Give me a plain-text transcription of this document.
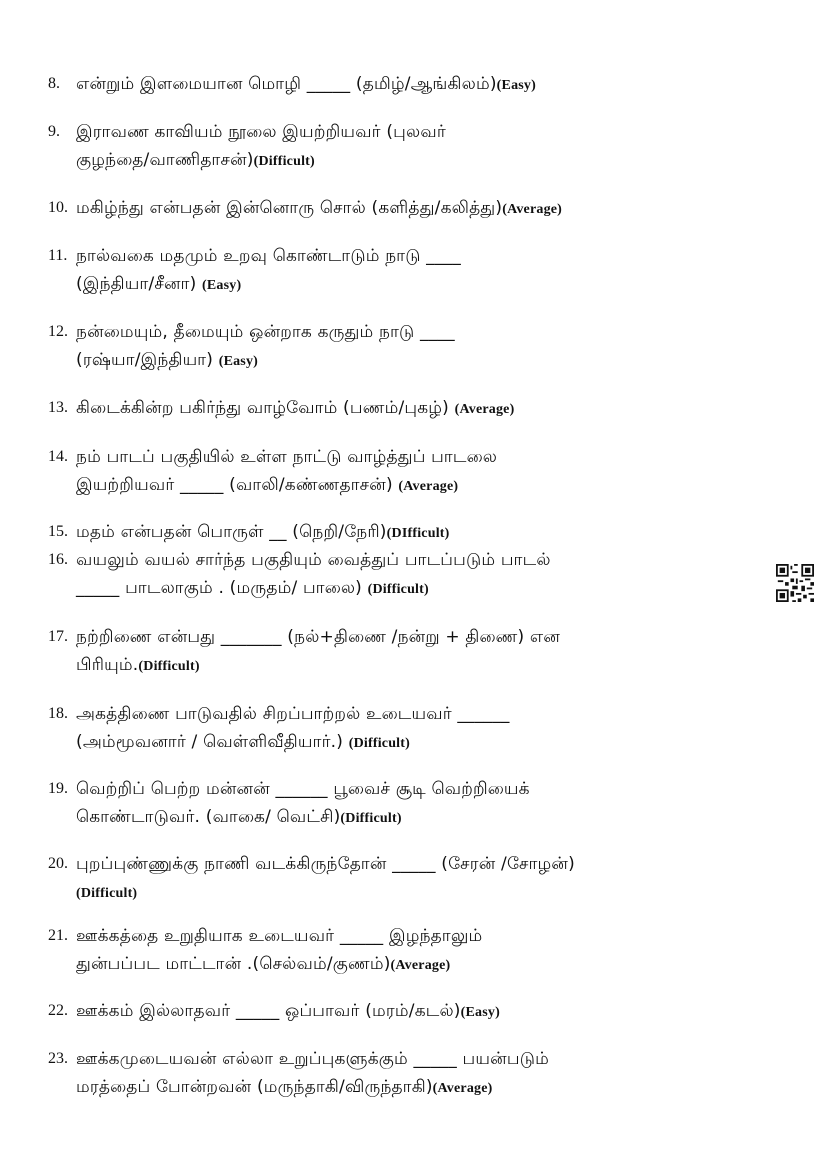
8. என்றும் இளமையான மொழி _____ (தமிழ்/ஆங்கிலம்)(Easy)
9. இராவண காவியம் நூலை இயற்றியவர் (புலவர்
குழந்தை/வாணிதாசன்)(Difficult)
10. மகிழ்ந்து என்பதன் இன்னொரு சொல் (களித்து/கலித்து)(Average)
11. நால்வகை மதமும் உறவு கொண்டாடும் நாடு ____
(இந்தியா/சீனா) (Easy)
12. நன்மையும், தீமையும் ஒன்றாக கருதும் நாடு ____
(ரஷ்யா/இந்தியா) (Easy)
13. கிடைக்கின்ற பகிர்ந்து வாழ்வோம் (பணம்/புகழ்) (Average)
14. நம் பாடப் பகுதியில் உள்ள நாட்டு வாழ்த்துப் பாடலை
இயற்றியவர் _____ (வாலி/கண்ணதாசன்) (Average)
15. மதம் என்பதன் பொருள் __ (நெறி/நேரி)(DIfficult)
16. வயலும் வயல் சார்ந்த பகுதியும் வைத்துப் பாடப்படும் பாடல்
_____ பாடலாகும் . (மருதம்/ பாலை) (Difficult)
17. நற்றிணை என்பது _______ (நல்+திணை /நன்று + திணை) என
பிரியும்.(Difficult)
18. அகத்திணை பாடுவதில் சிறப்பாற்றல் உடையவர் ______
(அம்மூவனார் / வெள்ளிவீதியார்.) (Difficult)
19. வெற்றிப் பெற்ற மன்னன் ______ பூவைச் சூடி வெற்றியைக்
கொண்டாடுவர். (வாகை/ வெட்சி)(Difficult)
20. புறப்புண்ணுக்கு நாணி வடக்கிருந்தோன் _____ (சேரன் /சோழன்)
(Difficult)
21. ஊக்கத்தை உறுதியாக உடையவர் _____ இழந்தாலும்
துன்பப்பட மாட்டான் .(செல்வம்/குணம்)(Average)
22. ஊக்கம் இல்லாதவர் _____ ஒப்பாவர் (மரம்/கடல்)(Easy)
23. ஊக்கமுடையவன் எல்லா உறுப்புகளுக்கும் _____ பயன்படும்
மரத்தைப் போன்றவன் (மருந்தாகி/விருந்தாகி)(Average)
